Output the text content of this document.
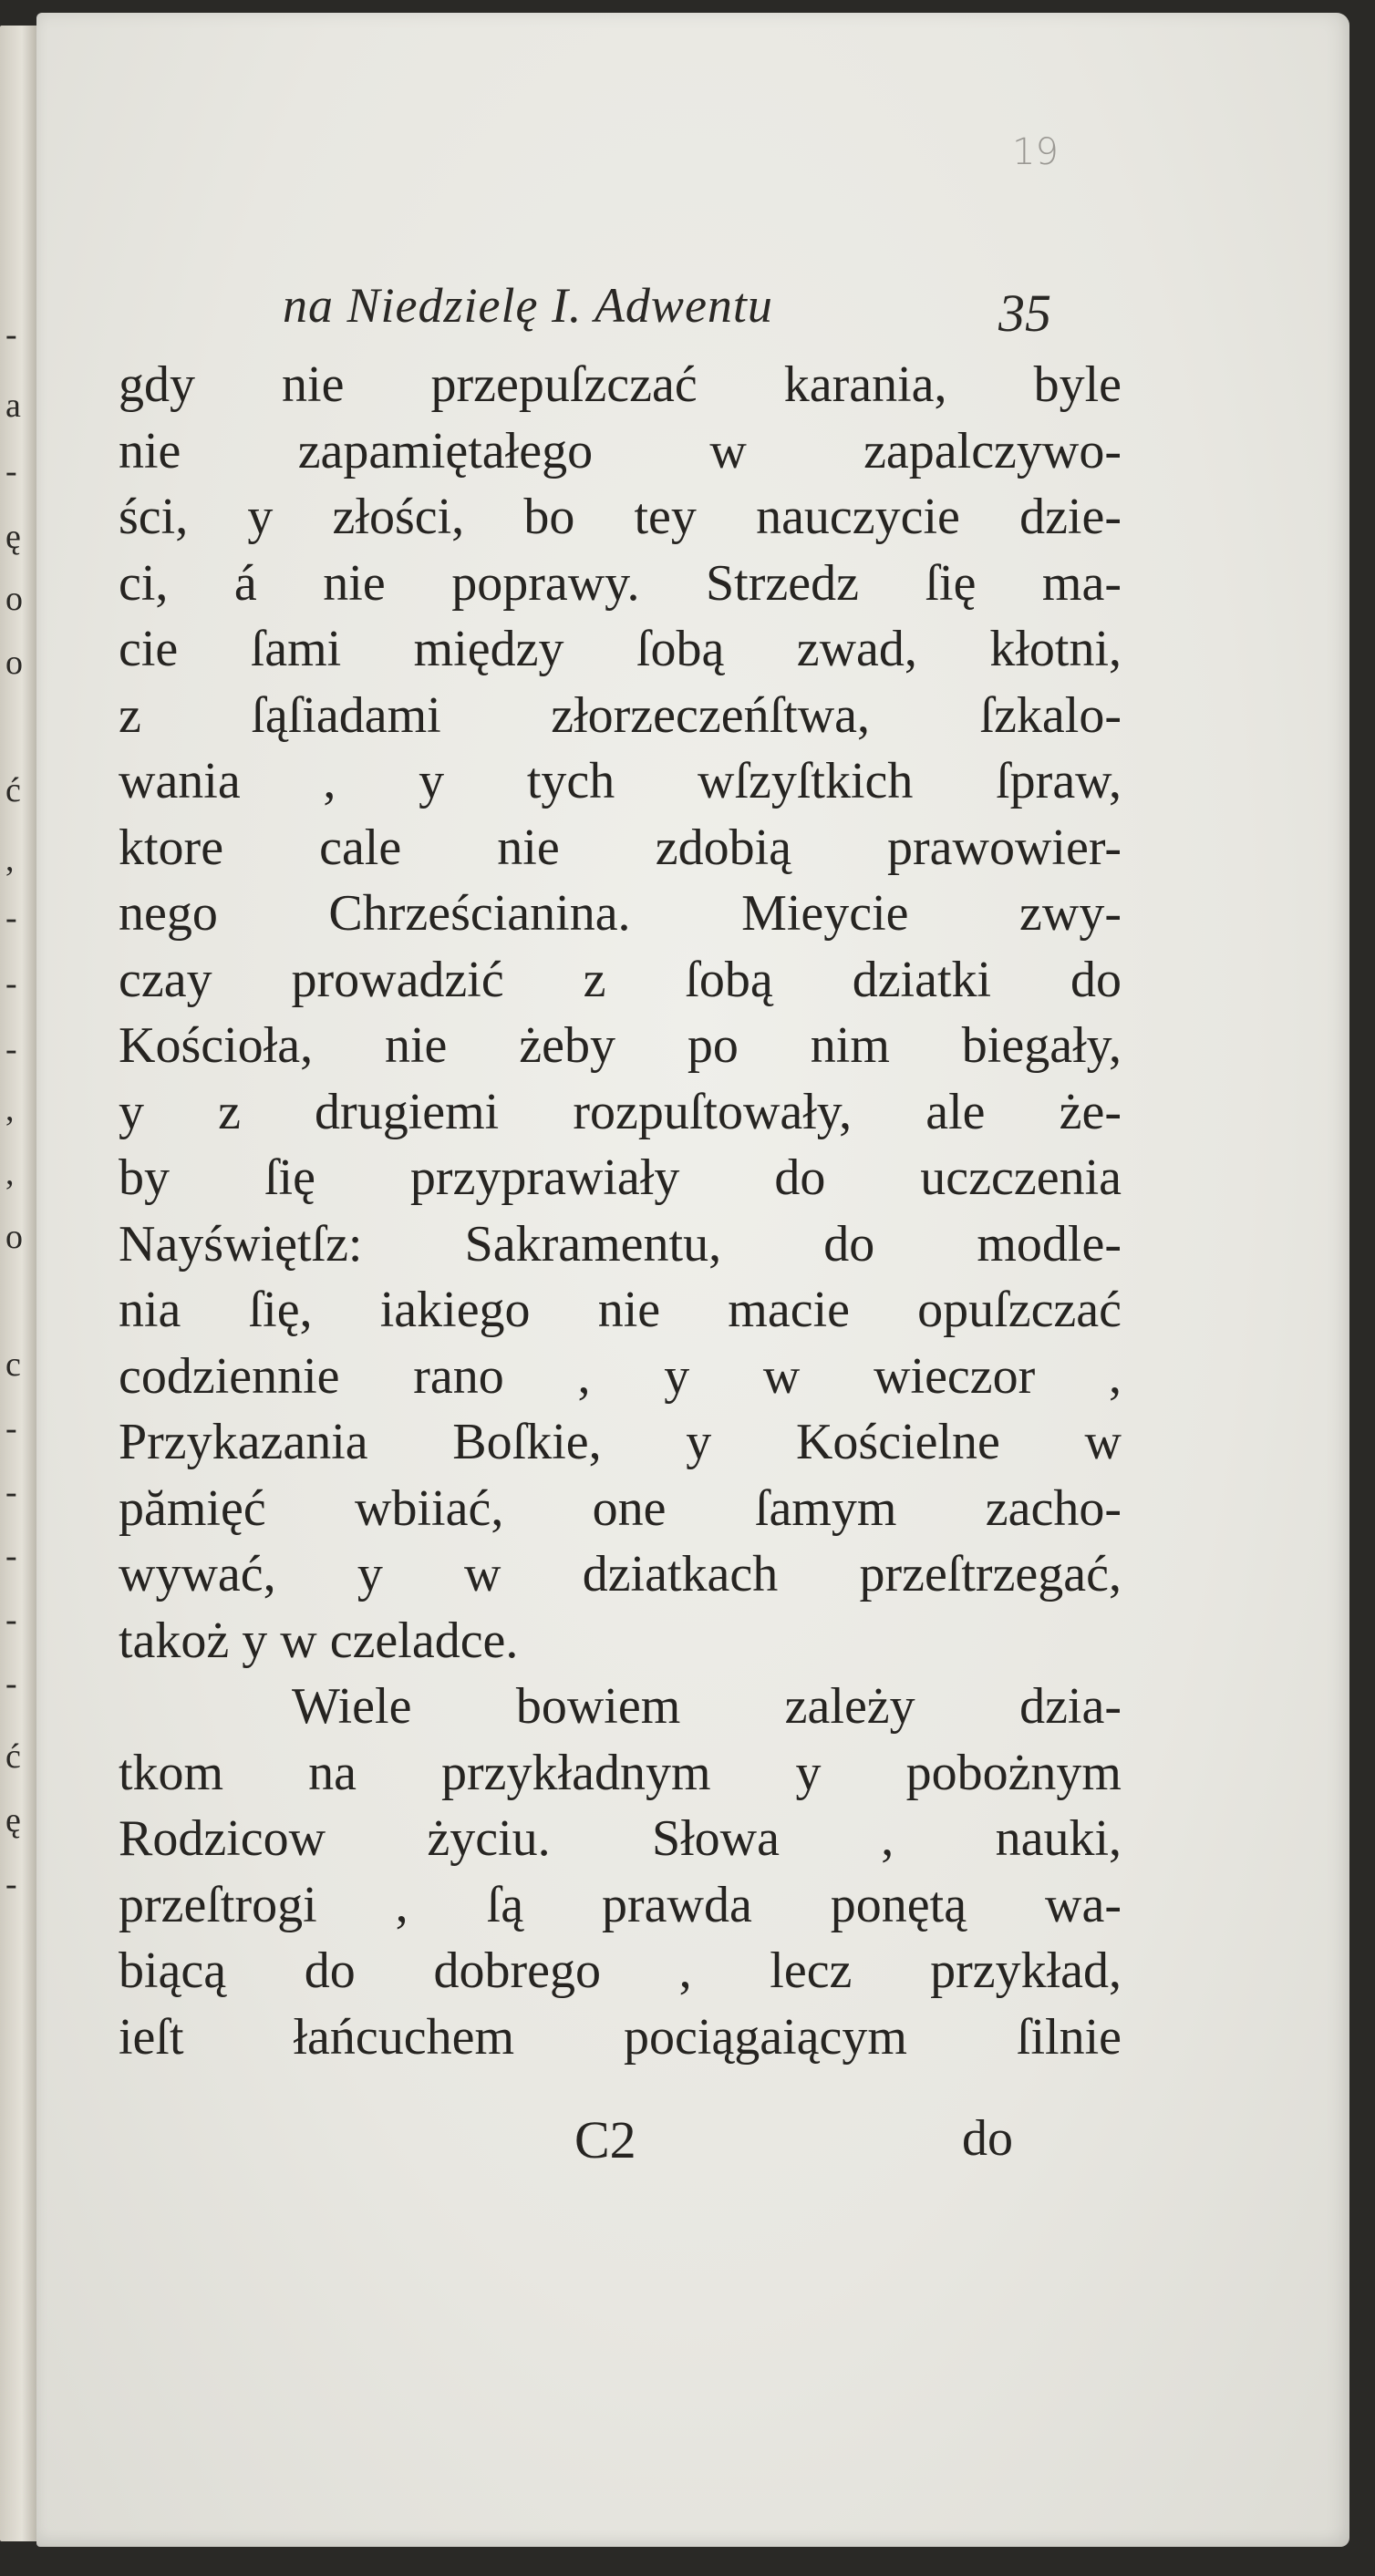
-
a
-
ę
o
o
ć
,
-
-
-
,
,
o
c
-
-
-
-
-
ć
ę
-
19
na Niedzielę I. Adwentu	35
gdy nie przepuſzczać karania, byle
nie zapamiętałego w zapalczywo-
ści, y złości, bo tey nauczycie dzie-
ci, á nie poprawy. Strzedz ſię ma-
cie ſami między ſobą zwad, kłotni,
z ſąſiadami złorzeczeńſtwa, ſzkalo-
wania , y tych wſzyſtkich ſpraw,
ktore cale nie zdobią prawowier-
nego Chrześcianina. Mieycie zwy-
czay prowadzić z ſobą dziatki do
Kościoła, nie żeby po nim biegały,
y z drugiemi rozpuſtowały, ale że-
by ſię przyprawiały do uczczenia
Nayświętſz: Sakramentu, do modle-
nia ſię, iakiego nie macie opuſzczać
codziennie rano , y w wieczor ,
Przykazania Boſkie, y Kościelne w
pămięć wbiiać, one ſamym zacho-
wywać, y w dziatkach przeſtrzegać,
takoż y w czeladce.
Wiele bowiem zależy dzia-
tkom na przykładnym y pobożnym
Rodzicow życiu. Słowa , nauki,
przeſtrogi , ſą prawda ponętą wa-
biącą do dobrego , lecz przykład,
ieſt łańcuchem pociągaiącym ſilnie
C2	do
